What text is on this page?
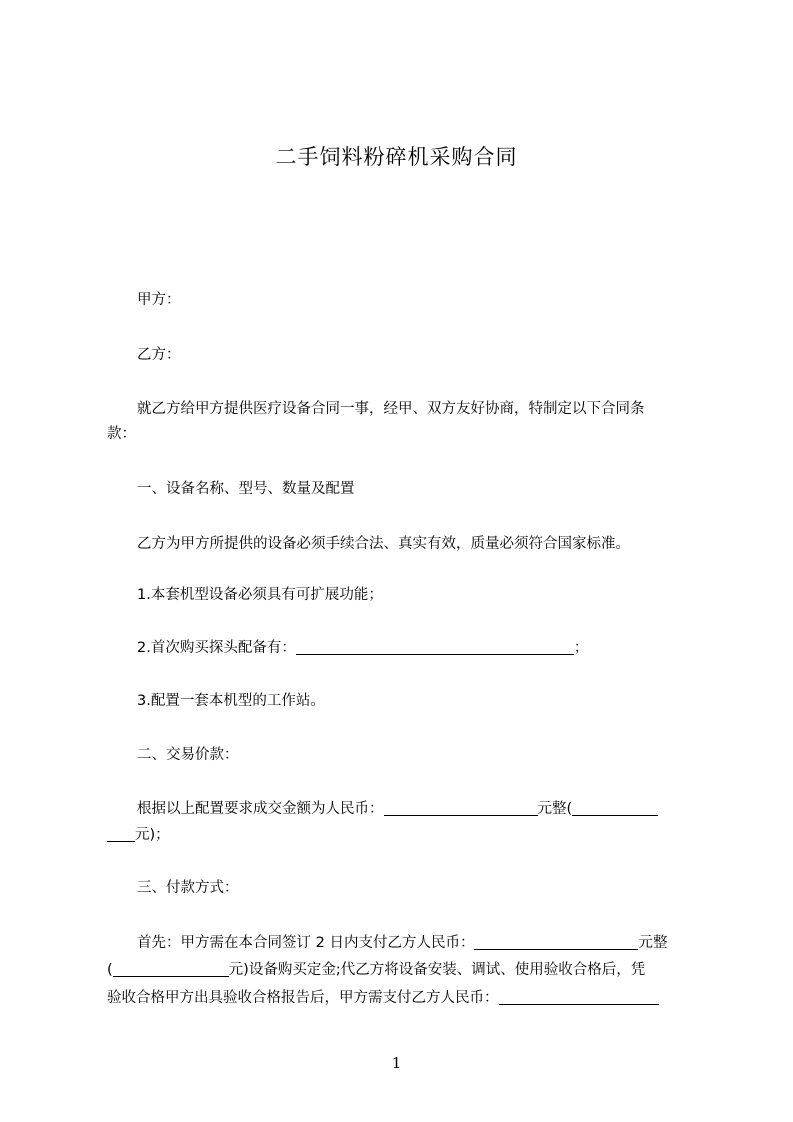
二手饲料粉碎机采购合同
甲方：
乙方：
就乙方给甲方提供医疗设备合同一事，经甲、双方友好协商，特制定以下合同条
款：
一、设备名称、型号、数量及配置
乙方为甲方所提供的设备必须手续合法、真实有效，质量必须符合国家标准。
1.本套机型设备必须具有可扩展功能；
2.首次购买探头配备有：	；
3.配置一套本机型的工作站。
二、交易价款：
根据以上配置要求成交金额为人民币：	元整(
元)；
三、付款方式：
首先：甲方需在本合同签订 2 日内支付乙方人民币：	元整
(	元)设备购买定金;代乙方将设备安装、调试、使用验收合格后，凭
验收合格甲方出具验收合格报告后，甲方需支付乙方人民币：
1
